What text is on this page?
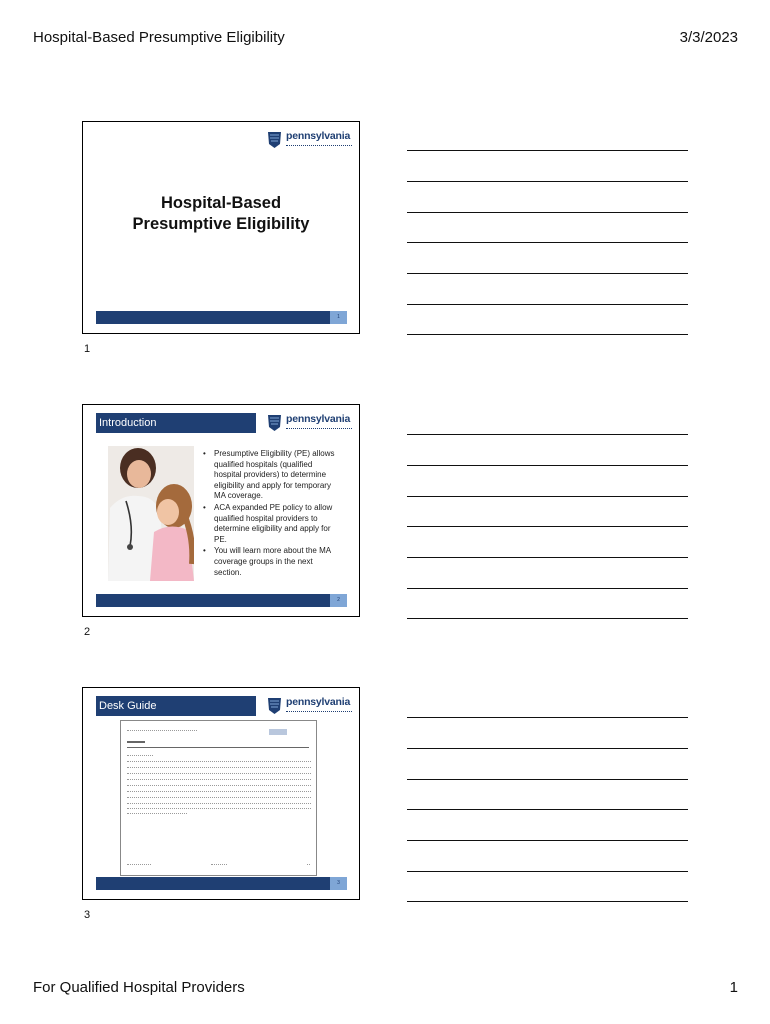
Hospital-Based Presumptive Eligibility	3/3/2023
pennsylvania
Hospital-Based
Presumptive Eligibility
1
1
Introduction	pennsylvania
• Presumptive Eligibility (PE) allows qualified hospitals (qualified hospital providers) to determine eligibility and apply for temporary MA coverage.
• ACA expanded PE policy to allow qualified hospital providers to determine eligibility and apply for PE.
• You will learn more about the MA coverage groups in the next section.
2
2
Desk Guide	pennsylvania
3
3
For Qualified Hospital Providers	1
